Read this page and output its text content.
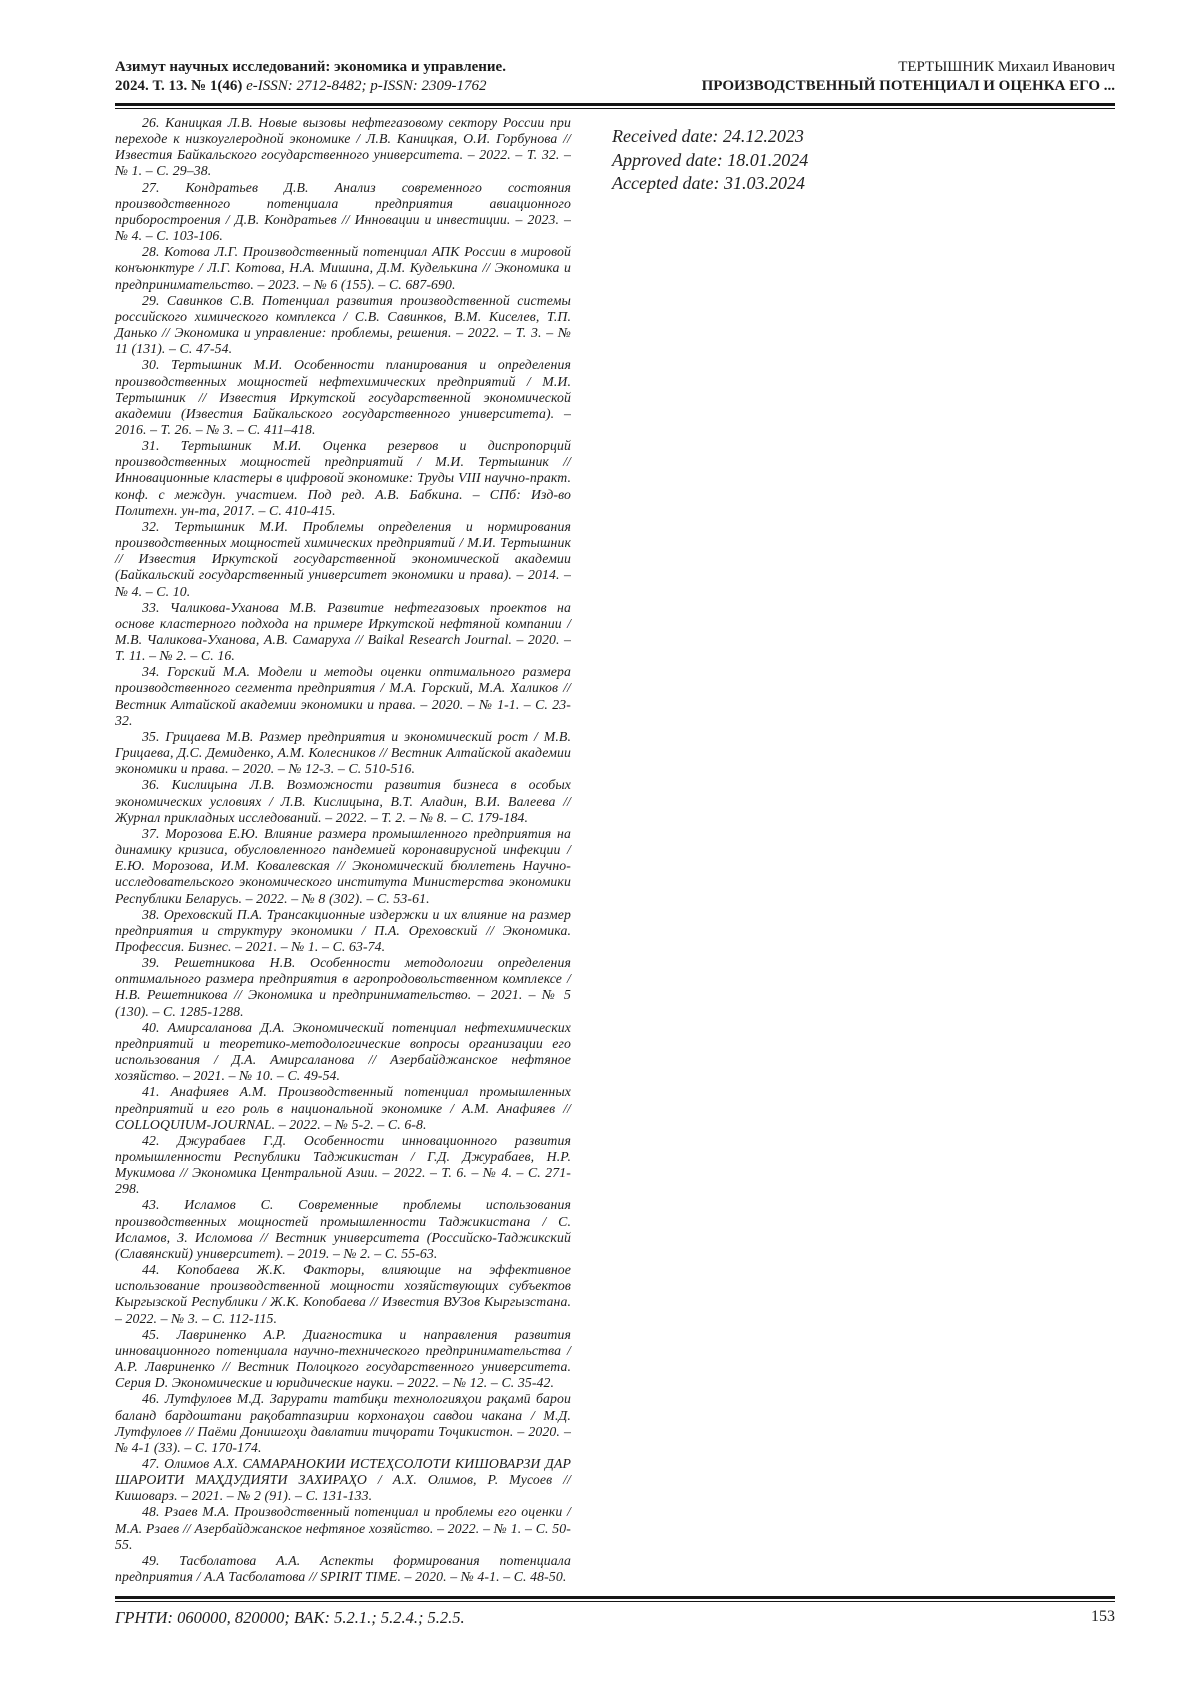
Азимут научных исследований: экономика и управление.
2024. Т. 13. № 1(46) e-ISSN: 2712-8482; p-ISSN: 2309-1762
ТЕРТЫШНИК Михаил Иванович
ПРОИЗВОДСТВЕННЫЙ ПОТЕНЦИАЛ И ОЦЕНКА ЕГО ...

26. Каницкая Л.В. Новые вызовы нефтегазовому сектору России при переходе к низкоуглеродной экономике / Л.В. Каницкая, О.И. Горбунова // Известия Байкальского государственного университета. – 2022. – Т. 32. – № 1. – С. 29–38.

27. Кондратьев Д.В. Анализ современного состояния производственного потенциала предприятия авиационного приборостроения / Д.В. Кондратьев // Инновации и инвестиции. – 2023. – № 4. – С. 103-106.

28. Котова Л.Г. Производственный потенциал АПК России в мировой конъюнктуре / Л.Г. Котова, Н.А. Мишина, Д.М. Куделькина // Экономика и предпринимательство. – 2023. – № 6 (155). – С. 687-690.

29. Савинков С.В. Потенциал развития производственной системы российского химического комплекса / С.В. Савинков, В.М. Киселев, Т.П. Данько // Экономика и управление: проблемы, решения. – 2022. – Т. 3. – № 11 (131). – С. 47-54.

30. Тертышник М.И. Особенности планирования и определения производственных мощностей нефтехимических предприятий / М.И. Тертышник // Известия Иркутской государственной экономической академии (Известия Байкальского государственного университета). – 2016. – Т. 26. – № 3. – С. 411–418.

31. Тертышник М.И. Оценка резервов и диспропорций производственных мощностей предприятий / М.И. Тертышник // Инновационные кластеры в цифровой экономике: Труды VIII научно-практ. конф. с междун. участием. Под ред. А.В. Бабкина. – СПб: Изд-во Политехн. ун-та, 2017. – С. 410-415.

32. Тертышник М.И. Проблемы определения и нормирования производственных мощностей химических предприятий / М.И. Тертышник // Известия Иркутской государственной экономической академии (Байкальский государственный университет экономики и права). – 2014. – № 4. – С. 10.

33. Чаликова-Уханова М.В. Развитие нефтегазовых проектов на основе кластерного подхода на примере Иркутской нефтяной компании / М.В. Чаликова-Уханова, А.В. Самаруха // Baikal Research Journal. – 2020. – Т. 11. – № 2. – С. 16.

34. Горский М.А. Модели и методы оценки оптимального размера производственного сегмента предприятия / М.А. Горский, М.А. Халиков // Вестник Алтайской академии экономики и права. – 2020. – № 1-1. – С. 23-32.

35. Грицаева М.В. Размер предприятия и экономический рост / М.В. Грицаева, Д.С. Демиденко, А.М. Колесников // Вестник Алтайской академии экономики и права. – 2020. – № 12-3. – С. 510-516.

36. Кислицына Л.В. Возможности развития бизнеса в особых экономических условиях / Л.В. Кислицына, В.Т. Аладин, В.И. Валеева // Журнал прикладных исследований. – 2022. – Т. 2. – № 8. – С. 179-184.

37. Морозова Е.Ю. Влияние размера промышленного предприятия на динамику кризиса, обусловленного пандемией коронавирусной инфекции / Е.Ю. Морозова, И.М. Ковалевская // Экономический бюллетень Научно-исследовательского экономического института Министерства экономики Республики Беларусь. – 2022. – № 8 (302). – С. 53-61.

38. Ореховский П.А. Трансакционные издержки и их влияние на размер предприятия и структуру экономики / П.А. Ореховский // Экономика. Профессия. Бизнес. – 2021. – № 1. – С. 63-74.

39. Решетникова Н.В. Особенности методологии определения оптимального размера предприятия в агропродовольственном комплексе / Н.В. Решетникова // Экономика и предпринимательство. – 2021. – № 5 (130). – С. 1285-1288.

40. Амирсаланова Д.А. Экономический потенциал нефтехимических предприятий и теоретико-методологические вопросы организации его использования / Д.А. Амирсаланова // Азербайджанское нефтяное хозяйство. – 2021. – № 10. – С. 49-54.

41. Анафияев А.М. Производственный потенциал промышленных предприятий и его роль в национальной экономике / А.М. Анафияев // COLLOQUIUM-JOURNAL. – 2022. – № 5-2. – С. 6-8.

42. Джурабаев Г.Д. Особенности инновационного развития промышленности Республики Таджикистан / Г.Д. Джурабаев, Н.Р. Мукимова // Экономика Центральной Азии. – 2022. – Т. 6. – № 4. – С. 271-298.

43. Исламов С. Современные проблемы использования производственных мощностей промышленности Таджикистана / С. Исламов, З. Исломова // Вестник университета (Российско-Таджикский (Славянский) университет). – 2019. – № 2. – С. 55-63.

44. Копобаева Ж.К. Факторы, влияющие на эффективное использование производственной мощности хозяйствующих субъектов Кыргызской Республики / Ж.К. Копобаева // Известия ВУЗов Кыргызстана. – 2022. – № 3. – С. 112-115.

45. Лавриненко А.Р. Диагностика и направления развития инновационного потенциала научно-технического предпринимательства / А.Р. Лавриненко // Вестник Полоцкого государственного университета. Серия D. Экономические и юридические науки. – 2022. – № 12. – С. 35-42.

46. Лутфулоев М.Д. Зарурати татбиқи технологияҳои рақамӣ барои баланд бардоштани рақобатпазирии корхонаҳои савдои чакана / М.Д. Лутфулоев // Паёми Донишгоҳи давлатии тиҷорати Тоҷикистон. – 2020. – № 4-1 (33). – С. 170-174.

47. Олимов А.Х. САМАРАНОКИИ ИСТЕҲСОЛОТИ КИШОВАРЗИ ДАР ШАРОИТИ МАҲДУДИЯТИ ЗАХИРАҲО / А.Х. Олимов, Р. Мусоев // Кишоварз. – 2021. – № 2 (91). – С. 131-133.

48. Рзаев М.А. Производственный потенциал и проблемы его оценки / М.А. Рзаев // Азербайджанское нефтяное хозяйство. – 2022. – № 1. – С. 50-55.

49. Тасболатова А.А. Аспекты формирования потенциала предприятия / А.А Тасболатова // SPIRIT TIME. – 2020. – № 4-1. – С. 48-50.

Received date: 24.12.2023
Approved date: 18.01.2024
Accepted date: 31.03.2024
ГРНТИ: 060000, 820000; ВАК: 5.2.1.; 5.2.4.; 5.2.5.	153
